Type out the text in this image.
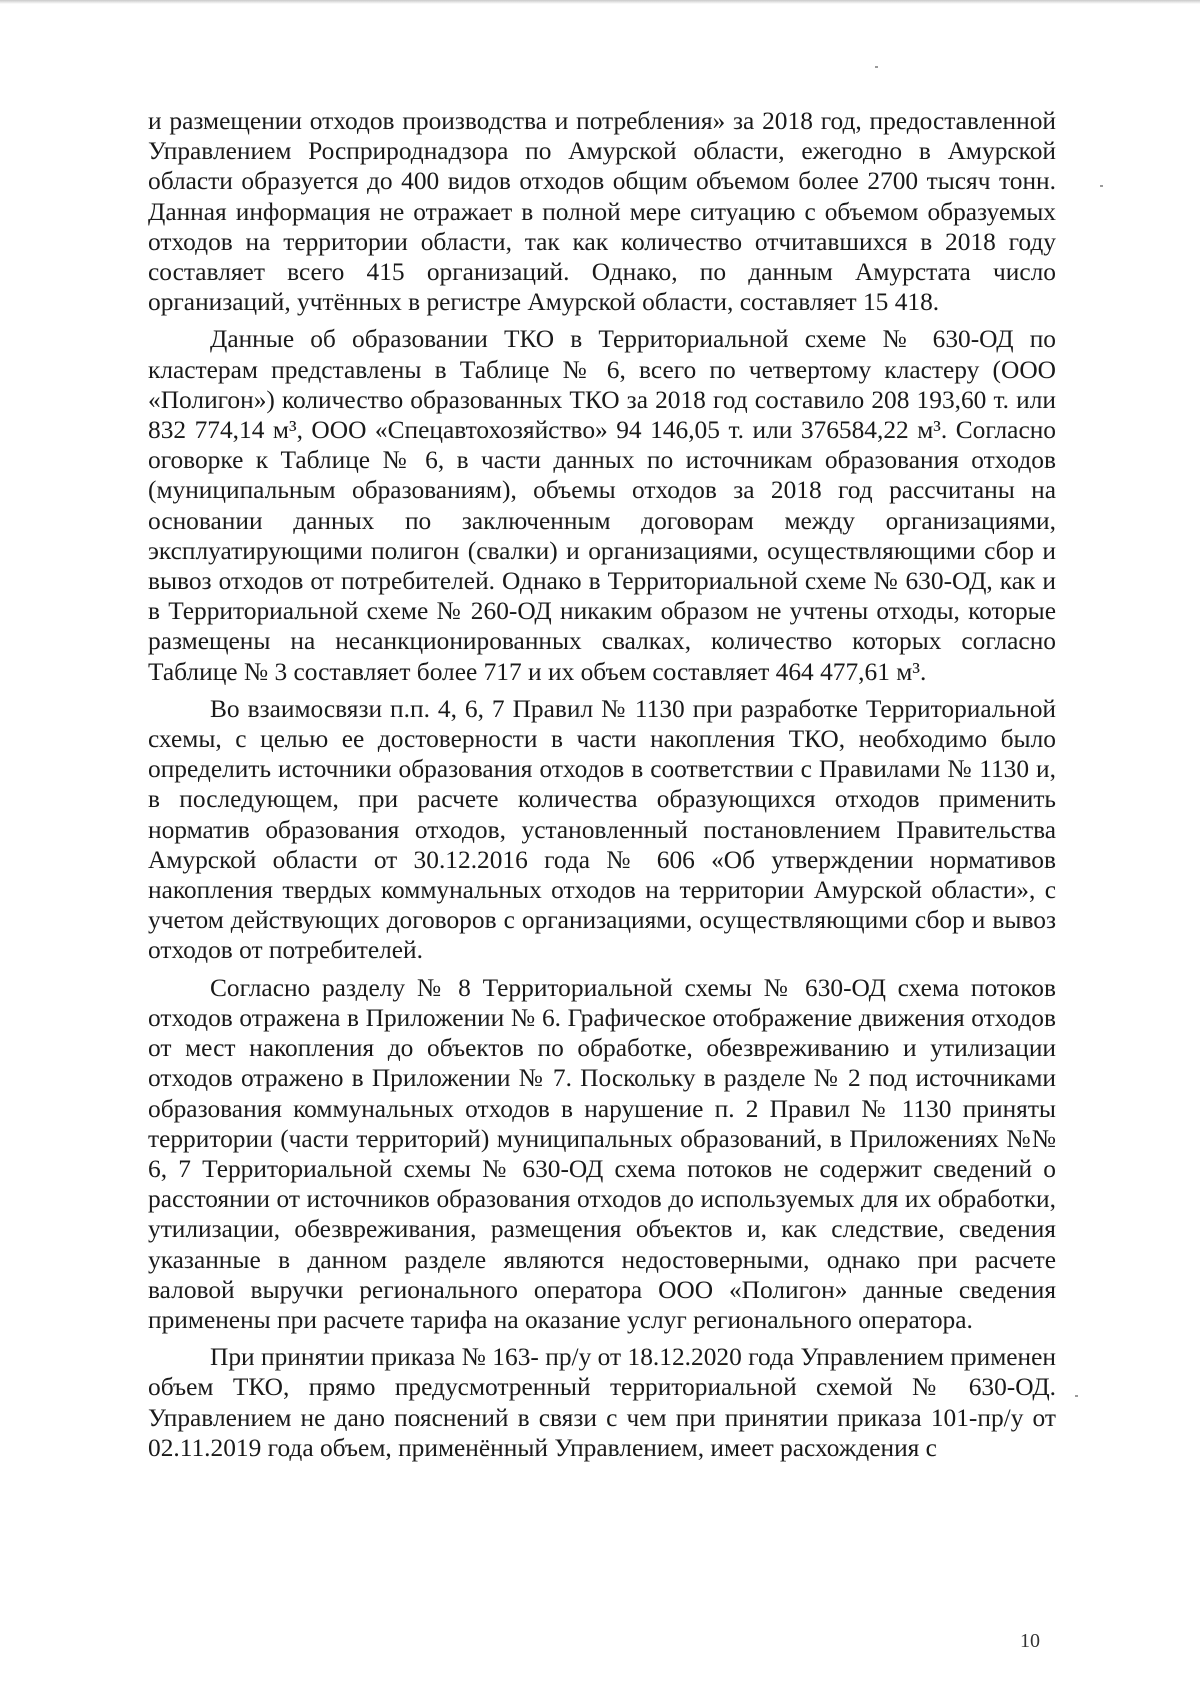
и размещении отходов производства и потребления» за 2018 год, предоставленной Управлением Росприроднадзора по Амурской области, ежегодно в Амурской области образуется до 400 видов отходов общим объемом более 2700 тысяч тонн. Данная информация не отражает в полной мере ситуацию с объемом образуемых отходов на территории области, так как количество отчитавшихся в 2018 году составляет всего 415 организаций. Однако, по данным Амурстата число организаций, учтённых в регистре Амурской области, составляет 15 418.

Данные об образовании ТКО в Территориальной схеме № 630-ОД по кластерам представлены в Таблице № 6, всего по четвертому кластеру (ООО «Полигон») количество образованных ТКО за 2018 год составило 208 193,60 т. или 832 774,14 м³, ООО «Спецавтохозяйство» 94 146,05 т. или 376584,22 м³. Согласно оговорке к Таблице № 6, в части данных по источникам образования отходов (муниципальным образованиям), объемы отходов за 2018 год рассчитаны на основании данных по заключенным договорам между организациями, эксплуатирующими полигон (свалки) и организациями, осуществляющими сбор и вывоз отходов от потребителей. Однако в Территориальной схеме № 630-ОД, как и в Территориальной схеме № 260-ОД никаким образом не учтены отходы, которые размещены на несанкционированных свалках, количество которых согласно Таблице № 3 составляет более 717 и их объем составляет 464 477,61 м³.

Во взаимосвязи п.п. 4, 6, 7 Правил № 1130 при разработке Территориальной схемы, с целью ее достоверности в части накопления ТКО, необходимо было определить источники образования отходов в соответствии с Правилами № 1130 и, в последующем, при расчете количества образующихся отходов применить норматив образования отходов, установленный постановлением Правительства Амурской области от 30.12.2016 года № 606 «Об утверждении нормативов накопления твердых коммунальных отходов на территории Амурской области», с учетом действующих договоров с организациями, осуществляющими сбор и вывоз отходов от потребителей.

Согласно разделу № 8 Территориальной схемы № 630-ОД схема потоков отходов отражена в Приложении № 6. Графическое отображение движения отходов от мест накопления до объектов по обработке, обезвреживанию и утилизации отходов отражено в Приложении № 7. Поскольку в разделе № 2 под источниками образования коммунальных отходов в нарушение п. 2 Правил № 1130 приняты территории (части территорий) муниципальных образований, в Приложениях №№ 6, 7 Территориальной схемы № 630-ОД схема потоков не содержит сведений о расстоянии от источников образования отходов до используемых для их обработки, утилизации, обезвреживания, размещения объектов и, как следствие, сведения указанные в данном разделе являются недостоверными, однако при расчете валовой выручки регионального оператора ООО «Полигон» данные сведения применены при расчете тарифа на оказание услуг регионального оператора.

При принятии приказа № 163- пр/у от 18.12.2020 года Управлением применен объем ТКО, прямо предусмотренный территориальной схемой № 630-ОД. Управлением не дано пояснений в связи с чем при принятии приказа 101-пр/у от 02.11.2019 года объем, применённый Управлением, имеет расхождения с

10
